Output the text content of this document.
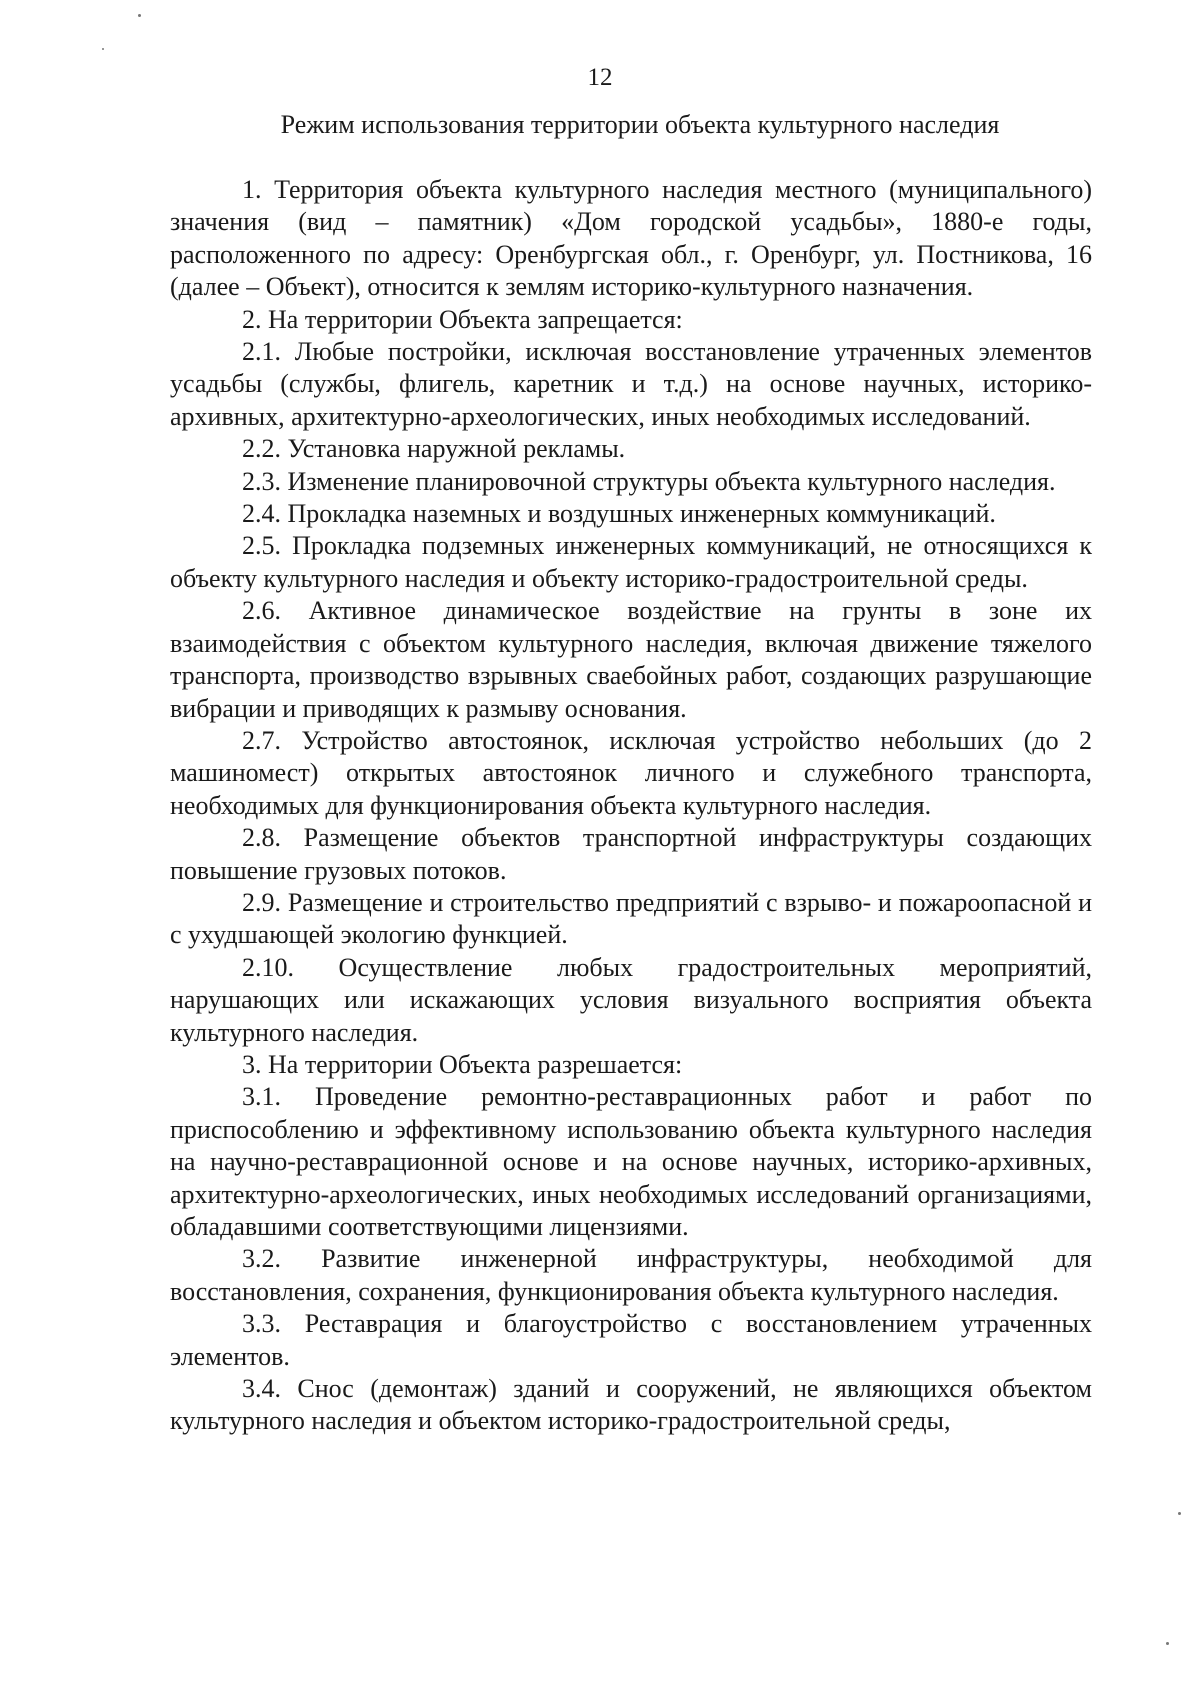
12
Режим использования территории объекта культурного наследия

1. Территория объекта культурного наследия местного (муниципального) значения (вид – памятник) «Дом городской усадьбы», 1880-е годы, расположенного по адресу: Оренбургская обл., г. Оренбург, ул. Постникова, 16 (далее – Объект), относится к землям историко-культурного назначения.

2. На территории Объекта запрещается:

2.1. Любые постройки, исключая восстановление утраченных элементов усадьбы (службы, флигель, каретник и т.д.) на основе научных, историко-архивных, архитектурно-археологических, иных необходимых исследований.

2.2. Установка наружной рекламы.

2.3. Изменение планировочной структуры объекта культурного наследия.

2.4. Прокладка наземных и воздушных инженерных коммуникаций.

2.5. Прокладка подземных инженерных коммуникаций, не относящихся к объекту культурного наследия и объекту историко-градостроительной среды.

2.6. Активное динамическое воздействие на грунты в зоне их взаимодействия с объектом культурного наследия, включая движение тяжелого транспорта, производство взрывных сваебойных работ, создающих разрушающие вибрации и приводящих к размыву основания.

2.7. Устройство автостоянок, исключая устройство небольших (до 2 машиномест) открытых автостоянок личного и служебного транспорта, необходимых для функционирования объекта культурного наследия.

2.8. Размещение объектов транспортной инфраструктуры создающих повышение грузовых потоков.

2.9. Размещение и строительство предприятий с взрыво- и пожароопасной и с ухудшающей экологию функцией.

2.10. Осуществление любых градостроительных мероприятий, нарушающих или искажающих условия визуального восприятия объекта культурного наследия.

3. На территории Объекта разрешается:

3.1. Проведение ремонтно-реставрационных работ и работ по приспособлению и эффективному использованию объекта культурного наследия на научно-реставрационной основе и на основе научных, историко-архивных, архитектурно-археологических, иных необходимых исследований организациями, обладавшими соответствующими лицензиями.

3.2. Развитие инженерной инфраструктуры, необходимой для восстановления, сохранения, функционирования объекта культурного наследия.

3.3. Реставрация и благоустройство с восстановлением утраченных элементов.

3.4. Снос (демонтаж) зданий и сооружений, не являющихся объектом культурного наследия и объектом историко-градостроительной среды,
